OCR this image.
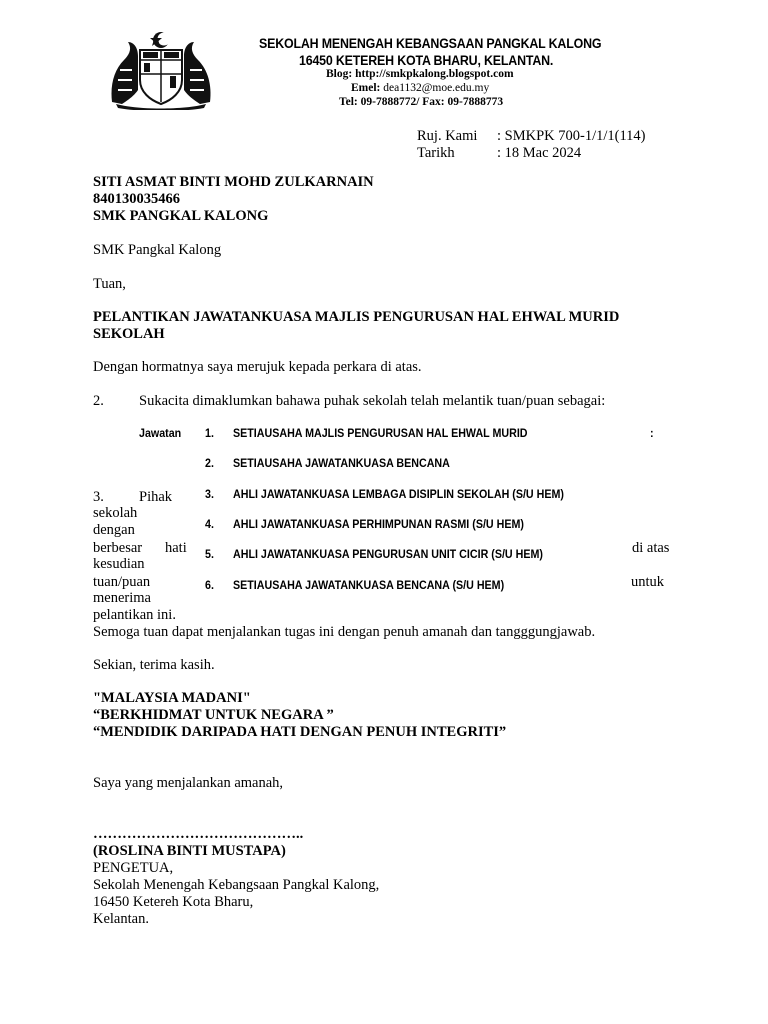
SEKOLAH MENENGAH KEBANGSAAN PANGKAL KALONG
16450 KETEREH KOTA BHARU, KELANTAN.
Blog: http://smkpkalong.blogspot.com
Emel: dea1132@moe.edu.my
Tel: 09-7888772/ Fax: 09-7888773
Ruj. Kami : SMKPK 700-1/1/1(114)
Tarikh	: 18 Mac 2024
SITI ASMAT BINTI MOHD ZULKARNAIN
840130035466
SMK PANGKAL KALONG
SMK Pangkal Kalong
Tuan,
PELANTIKAN JAWATANKUASA MAJLIS PENGURUSAN HAL EHWAL MURID
SEKOLAH
Dengan hormatnya saya merujuk kepada perkara di atas.
2. Sukacita dimaklumkan bahawa puhak sekolah telah melantik tuan/puan sebagai:
Jawatan	:
1. SETIAUSAHA MAJLIS PENGURUSAN HAL EHWAL MURID
2. SETIAUSAHA JAWATANKUASA BENCANA
3. AHLI JAWATANKUASA LEMBAGA DISIPLIN SEKOLAH (S/U HEM)
4. AHLI JAWATANKUASA PERHIMPUNAN RASMI (S/U HEM)
5. AHLI JAWATANKUASA PENGURUSAN UNIT CICIR (S/U HEM)
6. SETIAUSAHA JAWATANKUASA BENCANA (S/U HEM)
3. Pihak
sekolah
dengan
berbesar hati
kesudian
tuan/puan
menerima
pelantikan ini.
di atas
untuk
Semoga tuan dapat menjalankan tugas ini dengan penuh amanah dan tangggungjawab.
Sekian, terima kasih.
"MALAYSIA MADANI"
“BERKHIDMAT UNTUK NEGARA ”
“MENDIDIK DARIPADA HATI DENGAN PENUH INTEGRITI”
Saya yang menjalankan amanah,
……………………………………..
(ROSLINA BINTI MUSTAPA)
PENGETUA,
Sekolah Menengah Kebangsaan Pangkal Kalong,
16450 Ketereh Kota Bharu,
Kelantan.
